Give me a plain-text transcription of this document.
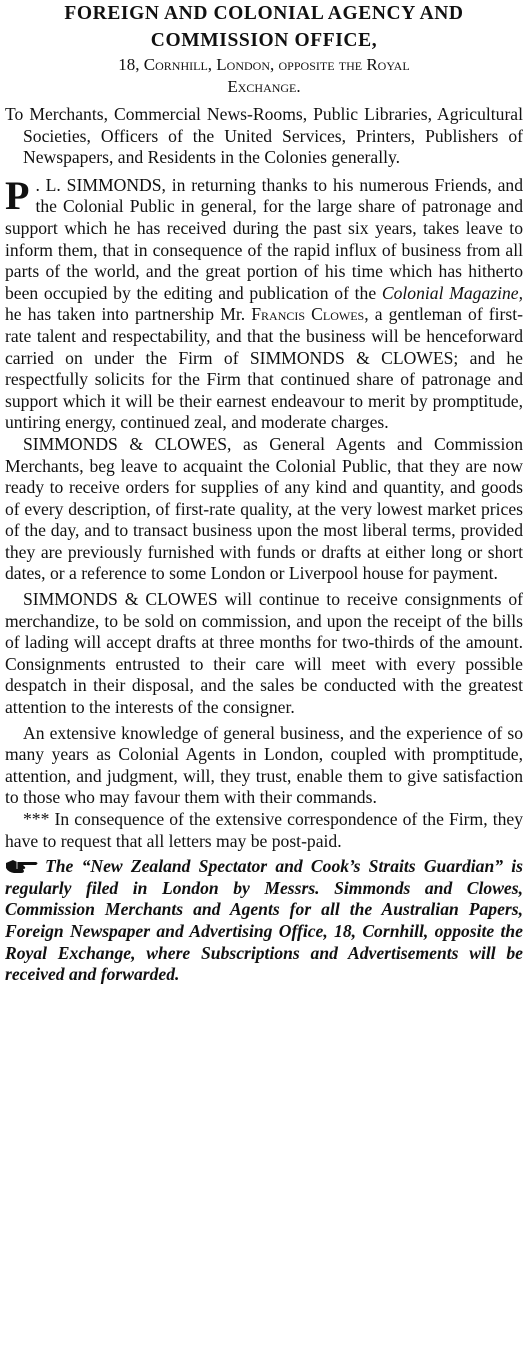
FOREIGN AND COLONIAL AGENCY AND
COMMISSION OFFICE,
18, Cornhill, London, opposite the Royal
Exchange.

To Merchants, Commercial News-Rooms, Public Libraries, Agricultural Societies, Officers of the United Services, Printers, Publishers of Newspapers, and Residents in the Colonies generally.

P . L. SIMMONDS, in returning thanks to his numerous Friends, and the Colonial Public in general, for the large share of patronage and support which he has received during the past six years, takes leave to inform them, that in consequence of the rapid influx of business from all parts of the world, and the great portion of his time which has hitherto been occupied by the editing and publication of the Colonial Magazine, he has taken into partnership Mr. Francis Clowes, a gentleman of first-rate talent and respectability, and that the business will be henceforward carried on under the Firm of SIMMONDS & CLOWES; and he respectfully solicits for the Firm that continued share of patronage and support which it will be their earnest endeavour to merit by promptitude, untiring energy, continued zeal, and moderate charges.

SIMMONDS & CLOWES, as General Agents and Commission Merchants, beg leave to acquaint the Colonial Public, that they are now ready to receive orders for supplies of any kind and quantity, and goods of every description, of first-rate quality, at the very lowest market prices of the day, and to transact business upon the most liberal terms, provided they are previously furnished with funds or drafts at either long or short dates, or a reference to some London or Liverpool house for payment.

SIMMONDS & CLOWES will continue to receive consignments of merchandize, to be sold on commission, and upon the receipt of the bills of lading will accept drafts at three months for two-thirds of the amount. Consignments entrusted to their care will meet with every possible despatch in their disposal, and the sales be conducted with the greatest attention to the interests of the consigner.

An extensive knowledge of general business, and the experience of so many years as Colonial Agents in London, coupled with promptitude, attention, and judgment, will, they trust, enable them to give satisfaction to those who may favour them with their commands.

*** In consequence of the extensive correspondence of the Firm, they have to request that all letters may be post-paid.

The “New Zealand Spectator and Cook’s Straits Guardian” is regularly filed in London by Messrs. Simmonds and Clowes, Commission Merchants and Agents for all the Australian Papers, Foreign Newspaper and Advertising Office, 18, Cornhill, opposite the Royal Exchange, where Subscriptions and Advertisements will be received and forwarded.
